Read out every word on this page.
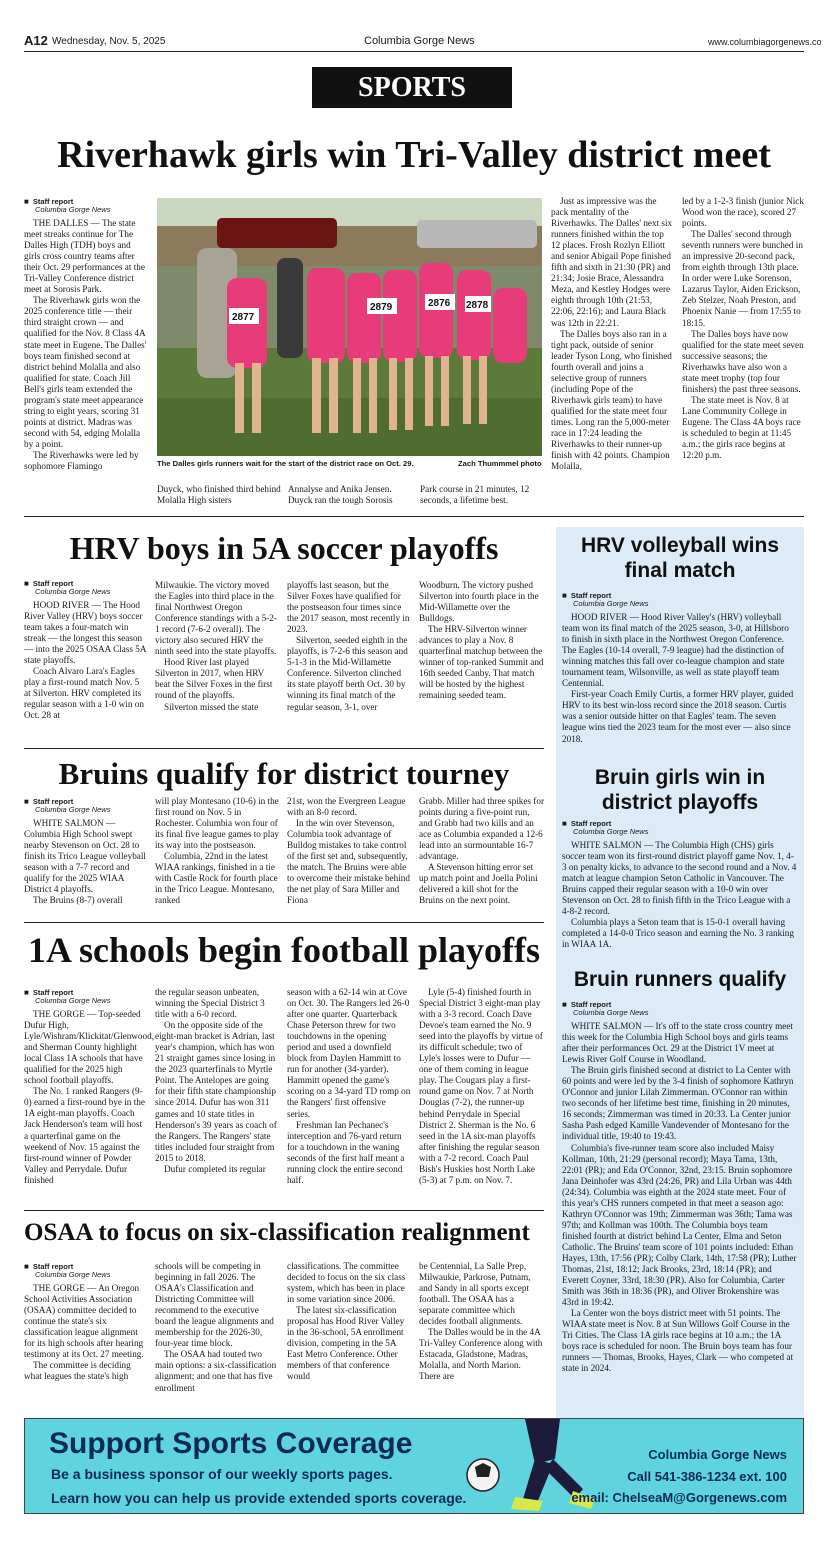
A12 Wednesday, Nov. 5, 2025	Columbia Gorge News	www.columbiagorgenews.co
SPORTS
Riverhawk girls win Tri-Valley district meet
■ Staff report
Columbia Gorge News

THE DALLES — The state meet streaks continue for The Dalles High (TDH) boys and girls cross country teams after their Oct. 29 performances at the Tri-Valley Conference district meet at Sorosis Park.

The Riverhawk girls won the 2025 conference title — their third straight crown — and qualified for the Nov. 8 Class 4A state meet in Eugene. The Dalles' boys team finished second at district behind Molalla and also qualified for state. Coach Jill Bell's girls team extended the program's state meet appearance string to eight years, scoring 31 points at district. Madras was second with 54, edging Molalla by a point.

The Riverhawks were led by sophomore Flamingo

2877
2879	2876 2878
The Dalles girls runners wait for the start of the district race on Oct. 29.	Zach Thummmel photo

Duyck, who finished third behind Molalla High sisters

Annalyse and Anika Jensen. Duyck ran the tough Sorosis

Park course in 21 minutes, 12 seconds, a lifetime best.

Just as impressive was the pack mentality of the Riverhawks. The Dalles' next six runners finished within the top 12 places. Frosh Rozlyn Elliott and senior Abigail Pope finished fifth and sixth in 21:30 (PR) and 21:34; Josie Brace, Alessandra Meza, and Kestley Hodges were eighth through 10th (21:53, 22:06, 22:16); and Laura Black was 12th in 22:21.

The Dalles boys also ran in a tight pack, outside of senior leader Tyson Long, who finished fourth overall and joins a selective group of runners (including Pope of the Riverhawk girls team) to have qualified for the state meet four times. Long ran the 5,000-meter race in 17:24 leading the Riverhawks to their runner-up finish with 42 points. Champion Molalla,

led by a 1-2-3 finish (junior Nick Wood won the race), scored 27 points.

The Dalles' second through seventh runners were bunched in an impressive 20-second pack, from eighth through 13th place. In order were Luke Sorenson, Lazarus Taylor, Aiden Erickson, Zeb Stelzer, Noah Preston, and Phoenix Nanie — from 17:55 to 18:15.

The Dalles boys have now qualified for the state meet seven successive seasons; the Riverhawks have also won a state meet trophy (top four finishers) the past three seasons.

The state meet is Nov. 8 at Lane Community College in Eugene. The Class 4A boys race is scheduled to begin at 11:45 a.m.; the girls race begins at 12:20 p.m.

HRV boys in 5A soccer playoffs
■ Staff report
Columbia Gorge News

HOOD RIVER — The Hood River Valley (HRV) boys soccer team takes a four-match win streak — the longest this season — into the 2025 OSAA Class 5A state playoffs.

Coach Alvaro Lara's Eagles play a first-round match Nov. 5 at Silverton. HRV completed its regular season with a 1-0 win on Oct. 28 at

Milwaukie. The victory moved the Eagles into third place in the final Northwest Oregon Conference standings with a 5-2-1 record (7-6-2 overall). The victory also secured HRV the ninth seed into the state playoffs.

Hood River last played Silverton in 2017, when HRV beat the Silver Foxes in the first round of the playoffs.

Silverton missed the state

playoffs last season, but the Silver Foxes have qualified for the postseason four times since the 2017 season, most recently in 2023.

Silverton, seeded eighth in the playoffs, is 7-2-6 this season and 5-1-3 in the Mid-Willamette Conference. Silverton clinched its state playoff berth Oct. 30 by winning its final match of the regular season, 3-1, over

Woodburn. The victory pushed Silverton into fourth place in the Mid-Willamette over the Bulldogs.

The HRV-Silverton winner advances to play a Nov. 8 quarterfinal matchup between the winner of top-ranked Summit and 16th seeded Canby. That match will be hosted by the highest remaining seeded team.

Bruins qualify for district tourney
■ Staff report
Columbia Gorge News

WHITE SALMON — Columbia High School swept nearby Stevenson on Oct. 28 to finish its Trico League volleyball season with a 7-7 record and qualify for the 2025 WIAA District 4 playoffs.

The Bruins (8-7) overall

will play Montesano (10-6) in the first round on Nov. 5 in Rochester. Columbia won four of its final five league games to play its way into the postseason.

Columbia, 22nd in the latest WIAA rankings, finished in a tie with Castle Rock for fourth place in the Trico League. Montesano, ranked

21st, won the Evergreen League with an 8-0 record.

In the win over Stevenson, Columbia took advantage of Bulldog mistakes to take control of the first set and, subsequently, the match. The Bruins were able to overcome their mistake behind the net play of Sara Miller and Fiona

Grabb. Miller had three spikes for points during a five-point run, and Grabb had two kills and an ace as Columbia expanded a 12-6 lead into an surmountable 16-7 advantage.

A Stevenson hitting error set up match point and Joella Polini delivered a kill shot for the Bruins on the next point.

1A schools begin football playoffs
■ Staff report
Columbia Gorge News

THE GORGE — Top-seeded Dufur High, Lyle/Wishram/Klickitat/Glenwood, and Sherman County highlight local Class 1A schools that have qualified for the 2025 high school football playoffs.

The No. 1 ranked Rangers (9-0) earned a first-round bye in the 1A eight-man playoffs. Coach Jack Henderson's team will host a quarterfinal game on the weekend of Nov. 15 against the first-round winner of Powder Valley and Perrydale. Dufur finished

the regular season unbeaten, winning the Special District 3 title with a 6-0 record.

On the opposite side of the eight-man bracket is Adrian, last year's champion, which has won 21 straight games since losing in the 2023 quarterfinals to Myrtle Point. The Antelopes are going for their fifth state championship since 2014. Dufur has won 311 games and 10 state titles in Henderson's 39 years as coach of the Rangers. The Rangers' state titles included four straight from 2015 to 2018.

Dufur completed its regular

season with a 62-14 win at Cove on Oct. 30. The Rangers led 26-0 after one quarter. Quarterback Chase Peterson threw for two touchdowns in the opening period and used a downfield block from Daylen Hammitt to run for another (34-yarder). Hammitt opened the game's scoring on a 34-yard TD romp on the Rangers' first offensive series.

Freshman Ian Pechanec's interception and 76-yard return for a touchdown in the waning seconds of the first half meant a running clock the entire second half.

Lyle (5-4) finished fourth in Special District 3 eight-man play with a 3-3 record. Coach Dave Devoe's team earned the No. 9 seed into the playoffs by virtue of its difficult schedule; two of Lyle's losses were to Dufur — one of them coming in league play. The Cougars play a first-round game on Nov. 7 at North Douglas (7-2), the runner-up behind Perrydale in Special District 2. Sherman is the No. 6 seed in the 1A six-man playoffs after finishing the regular season with a 7-2 record. Coach Paul Bish's Huskies host North Lake (5-3) at 7 p.m. on Nov. 7.

OSAA to focus on six-classification realignment
■ Staff report
Columbia Gorge News

THE GORGE — An Oregon School Activities Association (OSAA) committee decided to continue the state's six classification league alignment for its high schools after hearing testimony at its Oct. 27 meeting.

The committee is deciding what leagues the state's high

schools will be competing in beginning in fall 2026. The OSAA's Classification and Districting Committee will recommend to the executive board the league alignments and membership for the 2026-30, four-year time block.

The OSAA had touted two main options: a six-classification alignment; and one that has five enrollment

classifications. The committee decided to focus on the six class system, which has been in place in some variation since 2006.

The latest six-classification proposal has Hood River Valley in the 36-school, 5A enrollment division, competing in the 5A East Metro Conference. Other members of that conference would

be Centennial, La Salle Prep, Milwaukie, Parkrose, Putnam, and Sandy in all sports except football. The OSAA has a separate committee which decides football alignments.

The Dalles would be in the 4A Tri-Valley Conference along with Estacada, Gladstone, Madras, Molalla, and North Marion. There are

HRV volleyball wins final match
■ Staff report
Columbia Gorge News

HOOD RIVER — Hood River Valley's (HRV) volleyball team won its final match of the 2025 season, 3-0, at Hillsboro to finish in sixth place in the Northwest Oregon Conference. The Eagles (10-14 overall, 7-9 league) had the distinction of winning matches this fall over co-league champion and state tournament team, Wilsonville, as well as state playoff team Centennial.

First-year Coach Emily Curtis, a former HRV player, guided HRV to its best win-loss record since the 2018 season. Curtis was a senior outside hitter on that Eagles' team. The seven league wins tied the 2023 team for the most ever — also since 2018.

Bruin girls win in district playoffs
■ Staff report
Columbia Gorge News

WHITE SALMON — The Columbia High (CHS) girls soccer team won its first-round district playoff game Nov. 1, 4-3 on penalty kicks, to advance to the second round and a Nov. 4 match at league champion Seton Catholic in Vancouver. The Bruins capped their regular season with a 10-0 win over Stevenson on Oct. 28 to finish fifth in the Trico League with a 4-8-2 record.

Columbia plays a Seton team that is 15-0-1 overall having completed a 14-0-0 Trico season and earning the No. 3 ranking in WIAA 1A.

Bruin runners qualify
■ Staff report
Columbia Gorge News

WHITE SALMON — It's off to the state cross country meet this week for the Columbia High School boys and girls teams after their performances Oct. 29 at the District 1V meet at Lewis River Golf Course in Woodland.

The Bruin girls finished second at district to La Center with 60 points and were led by the 3-4 finish of sophomore Kathryn O'Connor and junior Lilah Zimmerman. O'Connor ran within two seconds of her lifetime best time, finishing in 20 minutes, 16 seconds; Zimmerman was timed in 20:33. La Center junior Sasha Pash edged Kamille Vandevender of Montesano for the individual title, 19:40 to 19:43.

Columbia's five-runner team score also included Maisy Kollman, 10th, 21:29 (personal record); Maya Tama, 13th, 22:01 (PR); and Eda O'Connor, 32nd, 23:15. Bruin sophomore Jana Deinhofer was 43rd (24:26, PR) and Lila Urban was 44th (24:34). Columbia was eighth at the 2024 state meet. Four of this year's CHS runners competed in that meet a season ago: Kathryn O'Connor was 19th; Zimmerman was 36th; Tama was 97th; and Kollman was 100th. The Columbia boys team finished fourth at district behind La Center, Elma and Seton Catholic. The Bruins' team score of 101 points included: Ethan Hayes, 13th, 17:56 (PR); Colby Clark, 14th, 17:58 (PR); Luther Thomas, 21st, 18:12; Jack Brooks, 23rd, 18:14 (PR); and Everett Coyner, 33rd, 18:30 (PR). Also for Columbia, Carter Smith was 36th in 18:36 (PR), and Oliver Brokenshire was 43rd in 19:42.

La Center won the boys district meet with 51 points. The WIAA state meet is Nov. 8 at Sun Willows Golf Course in the Tri Cities. The Class 1A girls race begins at 10 a.m.; the 1A boys race is scheduled for noon. The Bruin boys team has four runners — Thomas, Brooks, Hayes, Clark — who competed at state in 2024.

Support Sports Coverage
Be a business sponsor of our weekly sports pages.
Learn how you can help us provide extended sports coverage.
Columbia Gorge News
Call 541-386-1234 ext. 100
email: ChelseaM@Gorgenews.com
